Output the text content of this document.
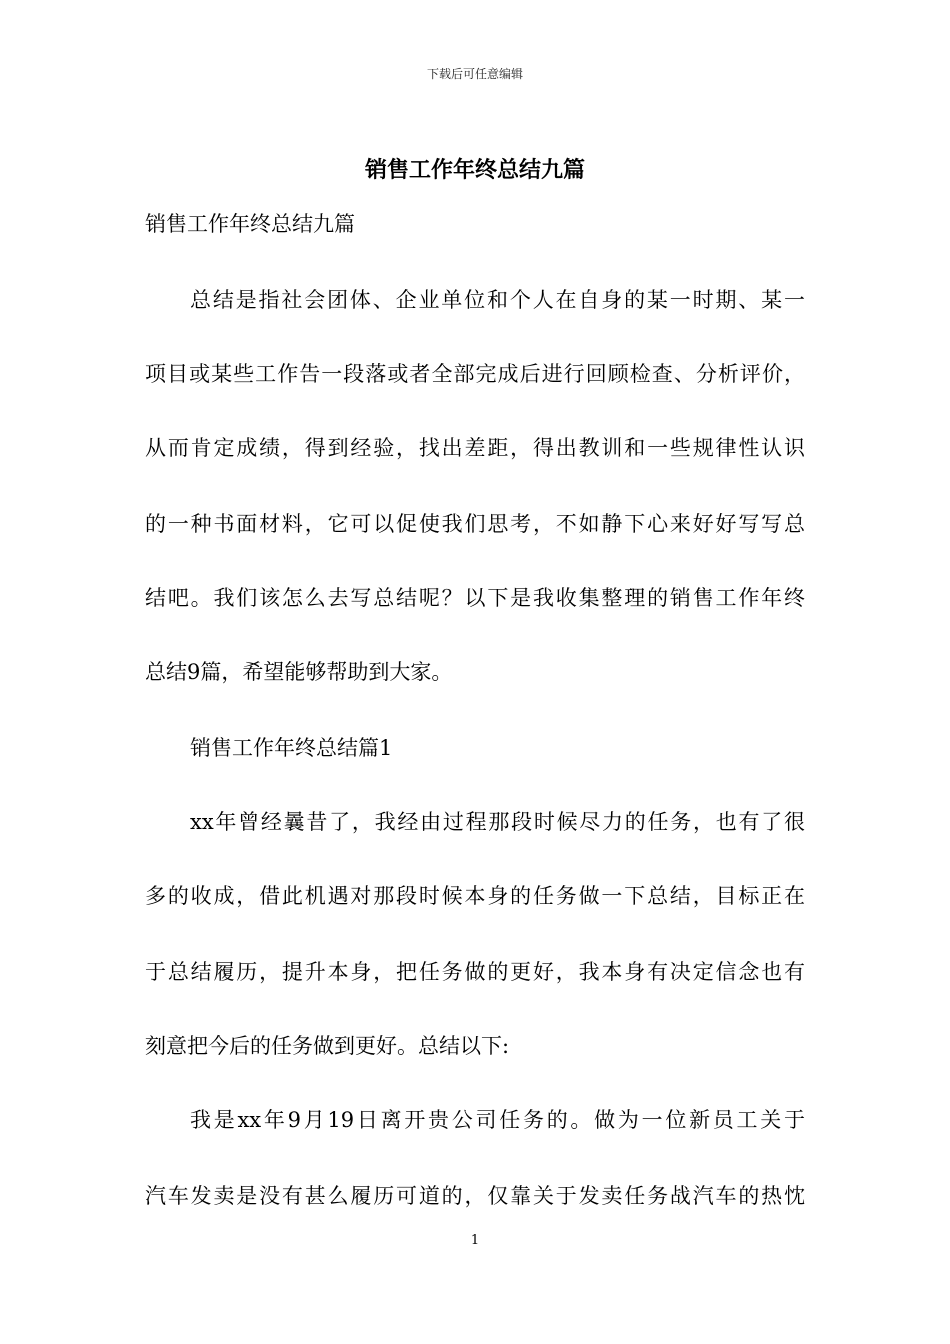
下载后可任意编辑
销售工作年终总结九篇

销售工作年终总结九篇

总结是指社会团体、企业单位和个人在自身的某一时期、某一

项目或某些工作告一段落或者全部完成后进行回顾检查、分析评价，

从而肯定成绩，得到经验，找出差距，得出教训和一些规律性认识

的一种书面材料，它可以促使我们思考，不如静下心来好好写写总

结吧。我们该怎么去写总结呢？以下是我收集整理的销售工作年终

总结9篇，希望能够帮助到大家。

销售工作年终总结篇1

xx年曾经曩昔了，我经由过程那段时候尽力的任务，也有了很

多的收成，借此机遇对那段时候本身的任务做一下总结，目标正在

于总结履历，提升本身，把任务做的更好，我本身有决定信念也有

刻意把今后的任务做到更好。总结以下:

我是xx年9月19日离开贵公司任务的。做为一位新员工关于

汽车发卖是没有甚么履历可道的，仅靠关于发卖任务战汽车的热忱

1
